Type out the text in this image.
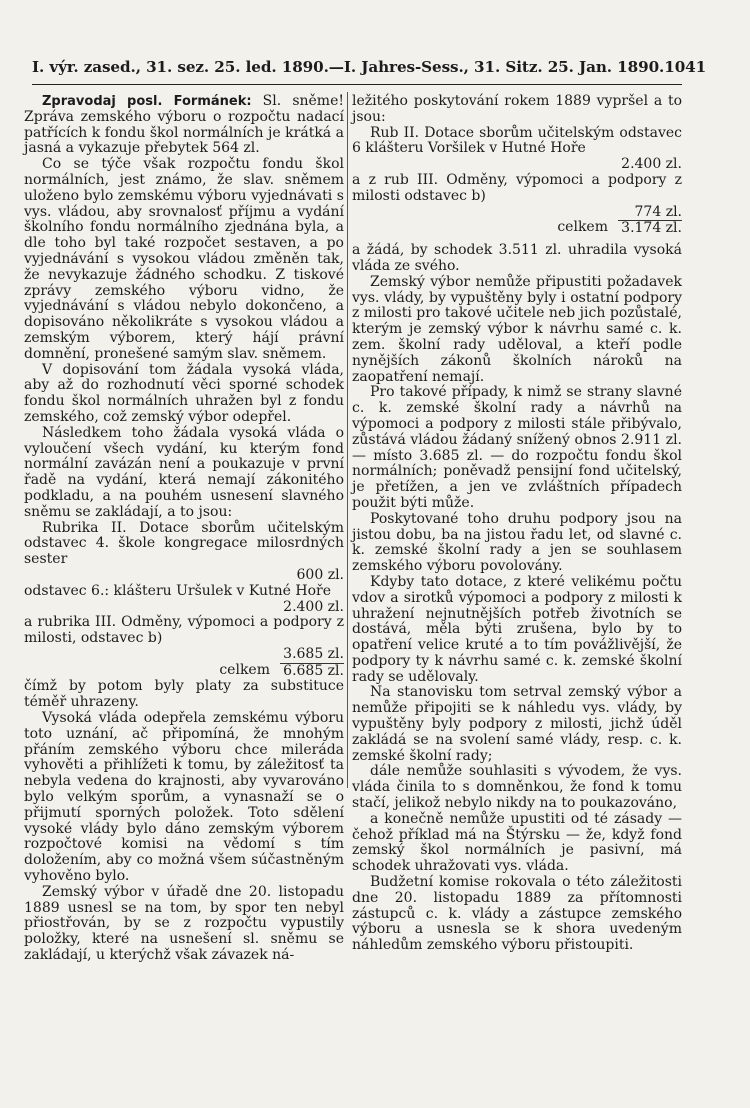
I. výr. zased., 31. sez. 25. led. 1890. — I. Jahres-Sess., 31. Sitz. 25. Jan. 1890. 1041

Zpravodaj posl. Formánek: Sl. sněme! Zpráva zemského výboru o rozpočtu nadací patřících k fondu škol normálních je krátká a jasná a vykazuje přebytek 564 zl.

Co se týče však rozpočtu fondu škol normálních, jest známo, že slav. sněmem uloženo bylo zemskému výboru vyjednávati s vys. vládou, aby srovnalosť příjmu a vydání školního fondu normálního zjednána byla, a dle toho byl také rozpočet sestaven, a po vyjednávání s vysokou vládou změněn tak, že nevykazuje žádného schodku. Z tiskové zprávy zemského výboru vidno, že vyjednávání s vládou nebylo dokončeno, a dopisováno několikráte s vysokou vládou a zemským výborem, který hájí právní domnění, pronešené samým slav. sněmem.

V dopisování tom žádala vysoká vláda, aby až do rozhodnutí věci sporné schodek fondu škol normálních uhražen byl z fondu zemského, což zemský výbor odepřel.

Následkem toho žádala vysoká vláda o vyloučení všech vydání, ku kterým fond normální zavázán není a poukazuje v první řadě na vydání, která nemají zákonitého podkladu, a na pouhém usnesení slavného sněmu se zakládají, a to jsou:

Rubrika II. Dotace sborům učitelským odstavec 4. škole kongregace milosrdných sester

600 zl.

odstavec 6.: klášteru Uršulek v Kutné Hoře

2.400 zl.

a rubrika III. Odměny, výpomoci a podpory z milosti, odstavec b)

3.685 zl.
celkem 6.685 zl.

čímž by potom byly platy za substituce téměř uhrazeny.

Vysoká vláda odepřela zemskému výboru toto uznání, ač připomíná, že mnohým přáním zemského výboru chce mileráda vyhověti a přihlížeti k tomu, by záležitosť ta nebyla vedena do krajnosti, aby vyvarováno bylo velkým sporům, a vynasnaží se o přijmutí sporných položek. Toto sdělení vysoké vlády bylo dáno zemským výborem rozpočtové komisi na vědomí s tím doložením, aby co možná všem súčastněným vyhověno bylo.

Zemský výbor v úřadě dne 20. listopadu 1889 usnesl se na tom, by spor ten nebyl přiostřován, by se z rozpočtu vypustily položky, které na usnešení sl. sněmu se zakládají, u kterýchž však závazek ná-

ležitého poskytování rokem 1889 vypršel a to jsou:

Rub II. Dotace sborům učitelským odstavec 6 klášteru Voršilek v Hutné Hoře

2.400 zl.

a z rub III. Odměny, výpomoci a podpory z milosti odstavec b)

774 zl.
celkem 3.174 zl.

a žádá, by schodek 3.511 zl. uhradila vysoká vláda ze svého.

Zemský výbor nemůže připustiti požadavek vys. vlády, by vypuštěny byly i ostatní podpory z milosti pro takové učitele neb jich pozůstalé, kterým je zemský výbor k návrhu samé c. k. zem. školní rady uděloval, a kteří podle nynějších zákonů školních nároků na zaopatření nemají.

Pro takové případy, k nimž se strany slavné c. k. zemské školní rady a návrhů na výpomoci a podpory z milosti stále přibývalo, zůstává vládou žádaný snížený obnos 2.911 zl. — místo 3.685 zl. — do rozpočtu fondu škol normálních; poněvadž pensijní fond učitelský, je přetížen, a jen ve zvláštních případech použit býti může.

Poskytované toho druhu podpory jsou na jistou dobu, ba na jistou řadu let, od slavné c. k. zemské školní rady a jen se souhlasem zemského výboru povolovány.

Kdyby tato dotace, z které velikému počtu vdov a sirotků výpomoci a podpory z milosti k uhražení nejnutnějších potřeb životních se dostává, měla býti zrušena, bylo by to opatření velice kruté a to tím povážlivější, že podpory ty k návrhu samé c. k. zemské školní rady se udělovaly.

Na stanovisku tom setrval zemský výbor a nemůže připojiti se k náhledu vys. vlády, by vypuštěny byly podpory z milosti, jichž úděl zakládá se na svolení samé vlády, resp. c. k. zemské školní rady;

dále nemůže souhlasiti s vývodem, že vys. vláda činila to s domněnkou, že fond k tomu stačí, jelikož nebylo nikdy na to poukazováno,

a konečně nemůže upustiti od té zásady — čehož příklad má na Štýrsku — že, když fond zemský škol normálních je pasivní, má schodek uhražovati vys. vláda.

Budžetní komise rokovala o této záležitosti dne 20. listopadu 1889 za přítomnosti zástupců c. k. vlády a zástupce zemského výboru a usnesla se k shora uvedeným náhledům zemského výboru přistoupiti.
